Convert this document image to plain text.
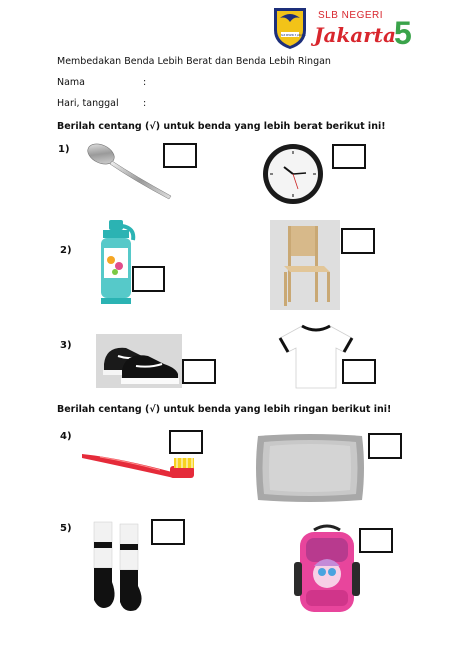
SLB NEGERI 5 JAKARTA
SLB NEGERI
Jakarta
5
Membedakan Benda Lebih Berat dan Benda Lebih Ringan
Nama	:
Hari, tanggal	:
Berilah centang (√) untuk benda yang lebih berat berikut ini!
1)
2)
3)
Berilah centang (√) untuk benda yang lebih ringan berikut ini!
4)
5)
